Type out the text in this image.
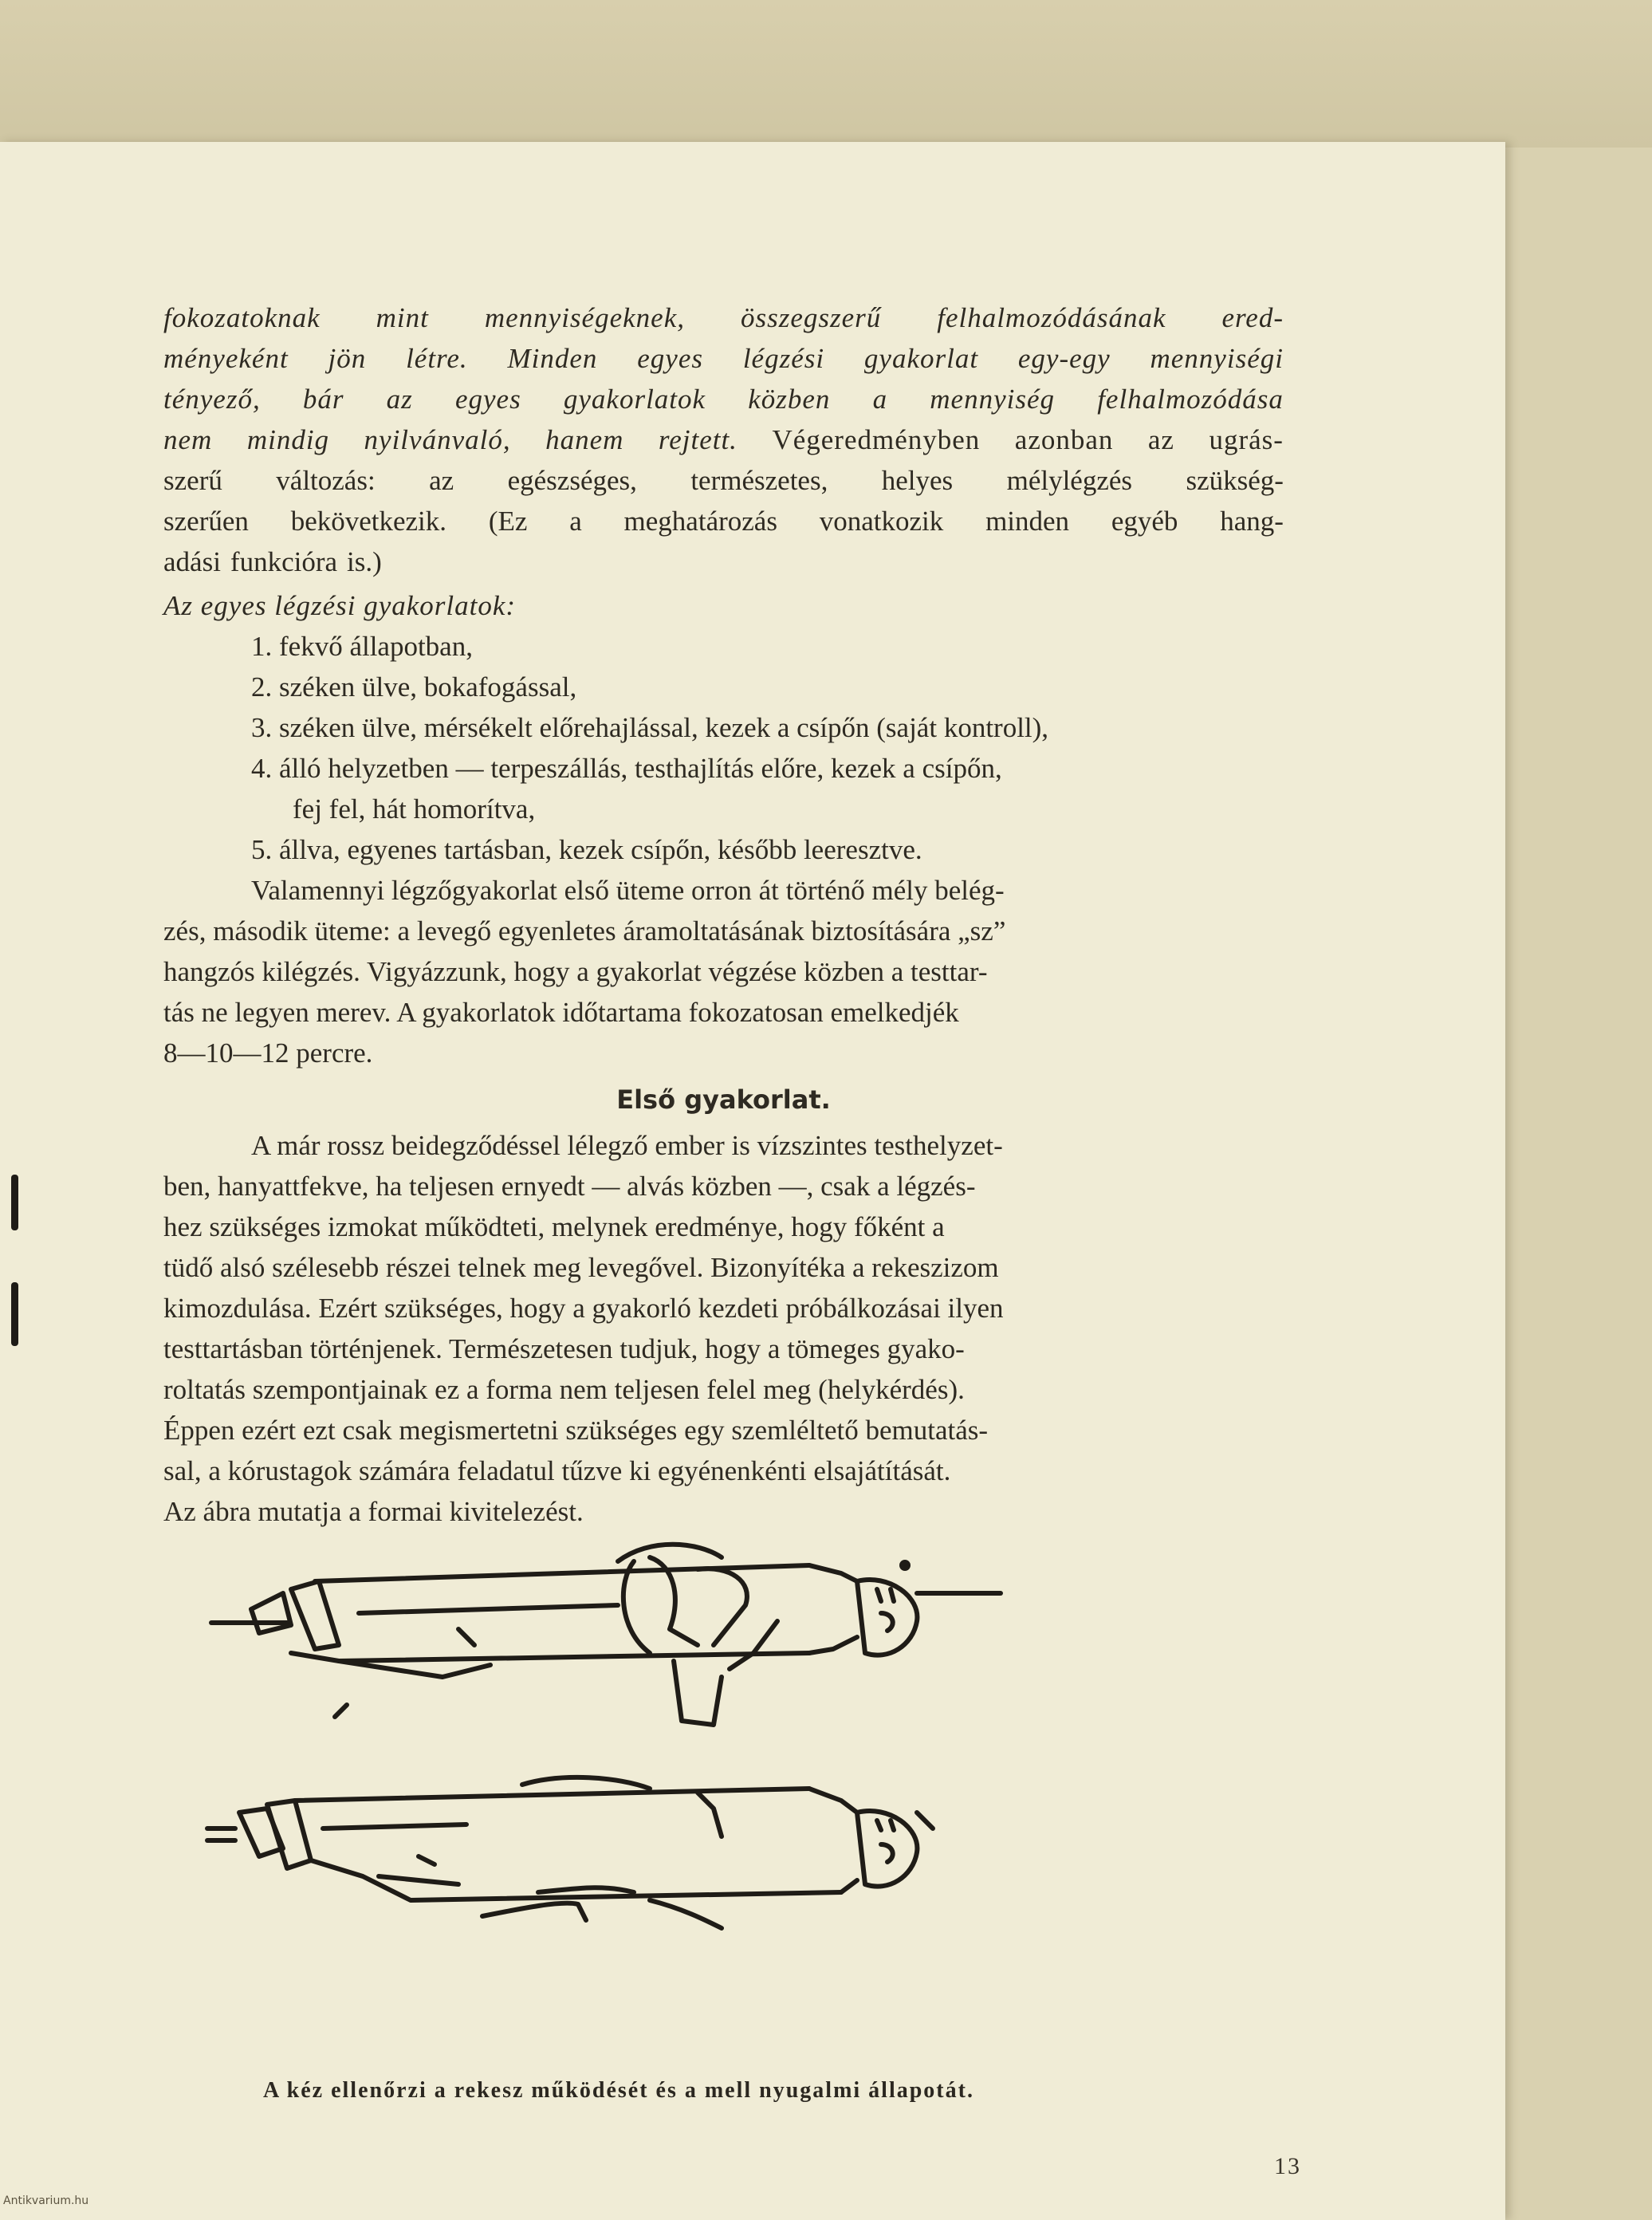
fokozatoknak mint mennyiségeknek, összegszerű felhalmozódásának ered-
ményeként jön létre. Minden egyes légzési gyakorlat egy-egy mennyiségi
tényező, bár az egyes gyakorlatok közben a mennyiség felhalmozódása
nem mindig nyilvánvaló, hanem rejtett. Végeredményben azonban az ugrás-
szerű változás: az egészséges, természetes, helyes mélylégzés szükség-
szerűen bekövetkezik. (Ez a meghatározás vonatkozik minden egyéb hang-
adási funkcióra is.)
Az egyes légzési gyakorlatok:
1. fekvő állapotban,
2. széken ülve, bokafogással,
3. széken ülve, mérsékelt előrehajlással, kezek a csípőn (saját kontroll),
4. álló helyzetben — terpeszállás, testhajlítás előre, kezek a csípőn,
fej fel, hát homorítva,
5. állva, egyenes tartásban, kezek csípőn, később leeresztve.
Valamennyi légzőgyakorlat első üteme orron át történő mély belég-
zés, második üteme: a levegő egyenletes áramoltatásának biztosítására „sz”
hangzós kilégzés. Vigyázzunk, hogy a gyakorlat végzése közben a testtar-
tás ne legyen merev. A gyakorlatok időtartama fokozatosan emelkedjék
8—10—12 percre.
Első gyakorlat.
A már rossz beidegződéssel lélegző ember is vízszintes testhelyzet-
ben, hanyattfekve, ha teljesen ernyedt — alvás közben —, csak a légzés-
hez szükséges izmokat működteti, melynek eredménye, hogy főként a
tüdő alsó szélesebb részei telnek meg levegővel. Bizonyítéka a rekeszizom
kimozdulása. Ezért szükséges, hogy a gyakorló kezdeti próbálkozásai ilyen
testtartásban történjenek. Természetesen tudjuk, hogy a tömeges gyako-
roltatás szempontjainak ez a forma nem teljesen felel meg (helykérdés).
Éppen ezért ezt csak megismertetni szükséges egy szemléltető bemutatás-
sal, a kórustagok számára feladatul tűzve ki egyénenkénti elsajátítását.
Az ábra mutatja a formai kivitelezést.
A kéz ellenőrzi a rekesz működését és a mell nyugalmi állapotát.
13
Antikvarium.hu
